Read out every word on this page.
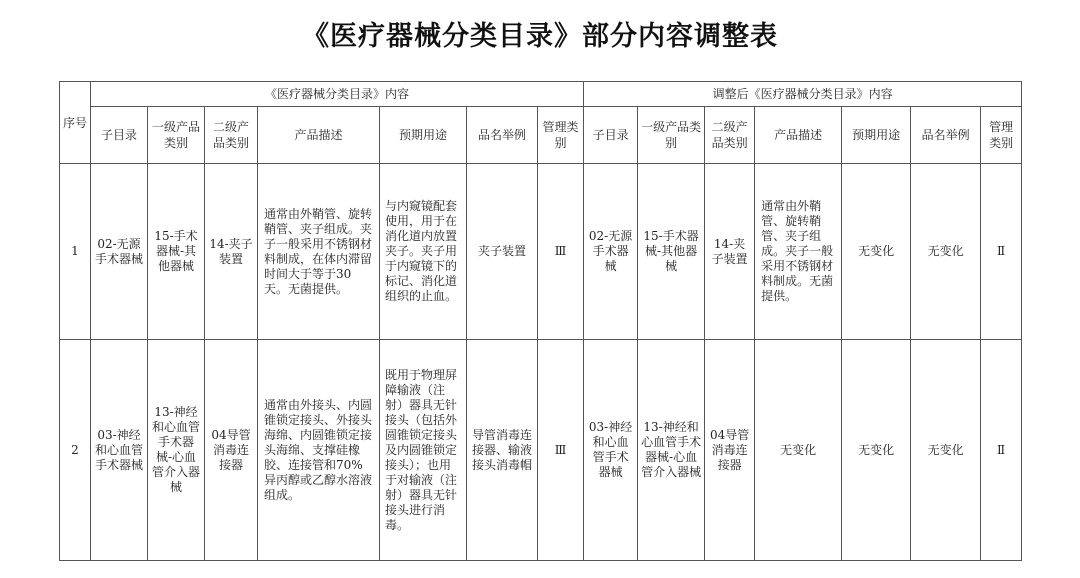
《医疗器械分类目录》部分内容调整表
序号	《医疗器械分类目录》内容							调整后《医疗器械分类目录》内容						
	子目录	一级产品类别	二级产品类别	产品描述	预期用途	品名举例	管理类别	子目录	一级产品类别	二级产品类别	产品描述	预期用途	品名举例	管理类别
1	02-无源手术器械	15-手术器械-其他器械	14-夹子装置	通常由外鞘管、旋转鞘管、夹子组成。夹子一般采用不锈钢材料制成，在体内滞留时间大于等于30天。无菌提供。	与内窥镜配套使用，用于在消化道内放置夹子。夹子用于内窥镜下的标记、消化道组织的止血。	夹子装置	Ⅲ	02-无源手术器械	15-手术器械-其他器械	14-夹子装置	通常由外鞘管、旋转鞘管、夹子组成。夹子一般采用不锈钢材料制成。无菌提供。	无变化	无变化	Ⅱ
2	03-神经和心血管手术器械	13-神经和心血管手术器械-心血管介入器械	04导管消毒连接器	通常由外接头、内圆锥锁定接头、外接头海绵、内圆锥锁定接头海绵、支撑硅橡胶、连接管和70%异丙醇或乙醇水溶液组成。	既用于物理屏障输液（注射）器具无针接头（包括外圆锥锁定接头及内圆锥锁定接头）；也用于对输液（注射）器具无针接头进行消毒。	导管消毒连接器、输液接头消毒帽	Ⅲ	03-神经和心血管手术器械	13-神经和心血管手术器械-心血管介入器械	04导管消毒连接器	无变化	无变化	无变化	Ⅱ
